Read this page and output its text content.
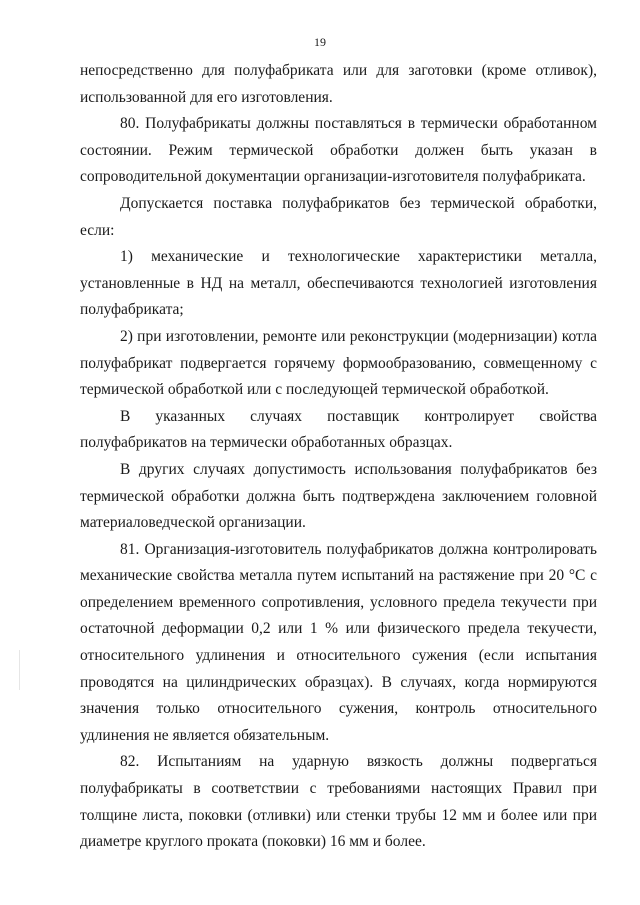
19

непосредственно для полуфабриката или для заготовки (кроме отливок), использованной для его изготовления.

80. Полуфабрикаты должны поставляться в термически обработанном состоянии. Режим термической обработки должен быть указан в сопроводительной документации организации-изготовителя полуфабриката.

Допускается поставка полуфабрикатов без термической обработки, если:

1) механические и технологические характеристики металла, установленные в НД на металл, обеспечиваются технологией изготовления полуфабриката;

2) при изготовлении, ремонте или реконструкции (модернизации) котла полуфабрикат подвергается горячему формообразованию, совмещенному с термической обработкой или с последующей термической обработкой.

В указанных случаях поставщик контролирует свойства полуфабрикатов на термически обработанных образцах.

В других случаях допустимость использования полуфабрикатов без термической обработки должна быть подтверждена заключением головной материаловедческой организации.

81. Организация-изготовитель полуфабрикатов должна контролировать механические свойства металла путем испытаний на растяжение при 20 °С с определением временного сопротивления, условного предела текучести при остаточной деформации 0,2 или 1 % или физического предела текучести, относительного удлинения и относительного сужения (если испытания проводятся на цилиндрических образцах). В случаях, когда нормируются значения только относительного сужения, контроль относительного удлинения не является обязательным.

82. Испытаниям на ударную вязкость должны подвергаться полуфабрикаты в соответствии с требованиями настоящих Правил при толщине листа, поковки (отливки) или стенки трубы 12 мм и более или при диаметре круглого проката (поковки) 16 мм и более.
